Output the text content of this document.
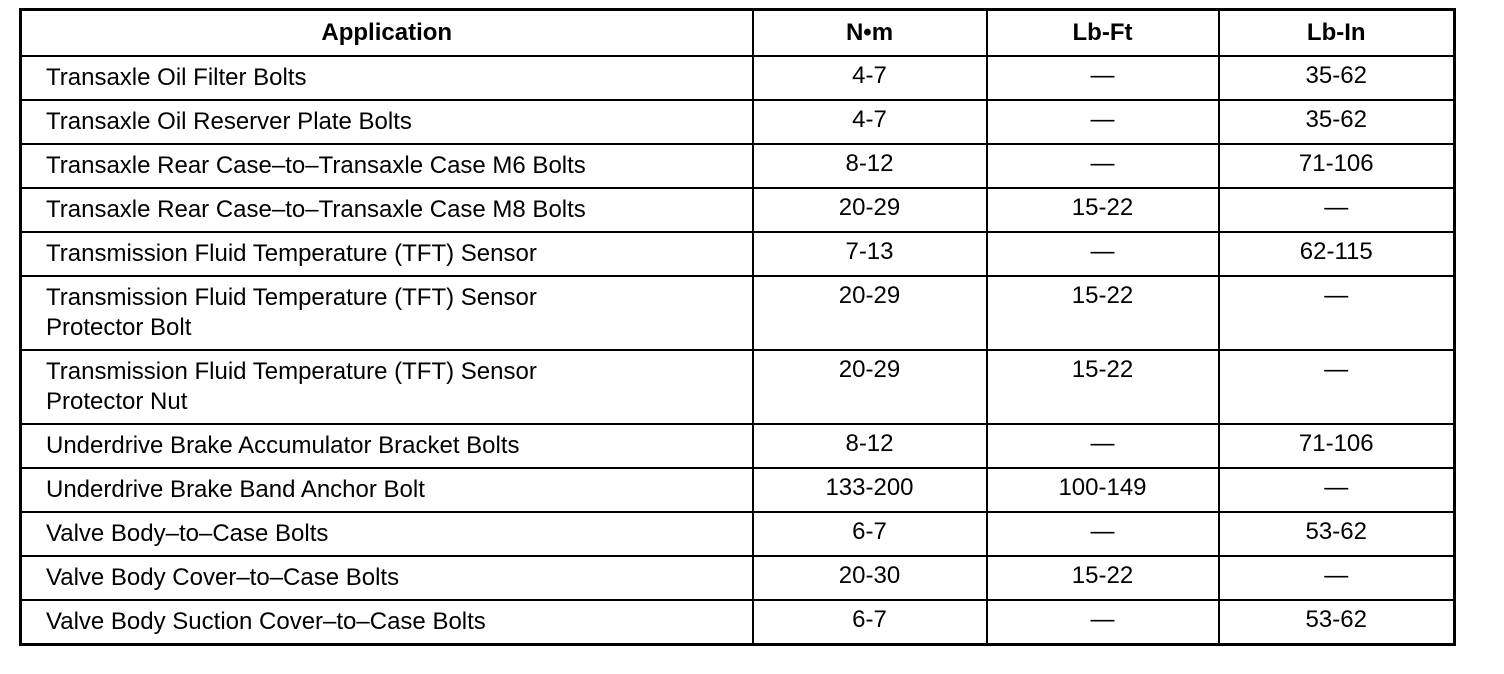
Application	N•m	Lb-Ft	Lb-In
Transaxle Oil Filter Bolts	4-7	—	35-62
Transaxle Oil Reserver Plate Bolts	4-7	—	35-62
Transaxle Rear Case–to–Transaxle Case M6 Bolts	8-12	—	71-106
Transaxle Rear Case–to–Transaxle Case M8 Bolts	20-29	15-22	—
Transmission Fluid Temperature (TFT) Sensor	7-13	—	62-115

Transmission Fluid Temperature (TFT) Sensor
Protector Bolt	20-29	15-22	—

Transmission Fluid Temperature (TFT) Sensor
Protector Nut	20-29	15-22	—
Underdrive Brake Accumulator Bracket Bolts	8-12	—	71-106
Underdrive Brake Band Anchor Bolt	133-200	100-149	—
Valve Body–to–Case Bolts	6-7	—	53-62
Valve Body Cover–to–Case Bolts	20-30	15-22	—
Valve Body Suction Cover–to–Case Bolts	6-7	—	53-62
